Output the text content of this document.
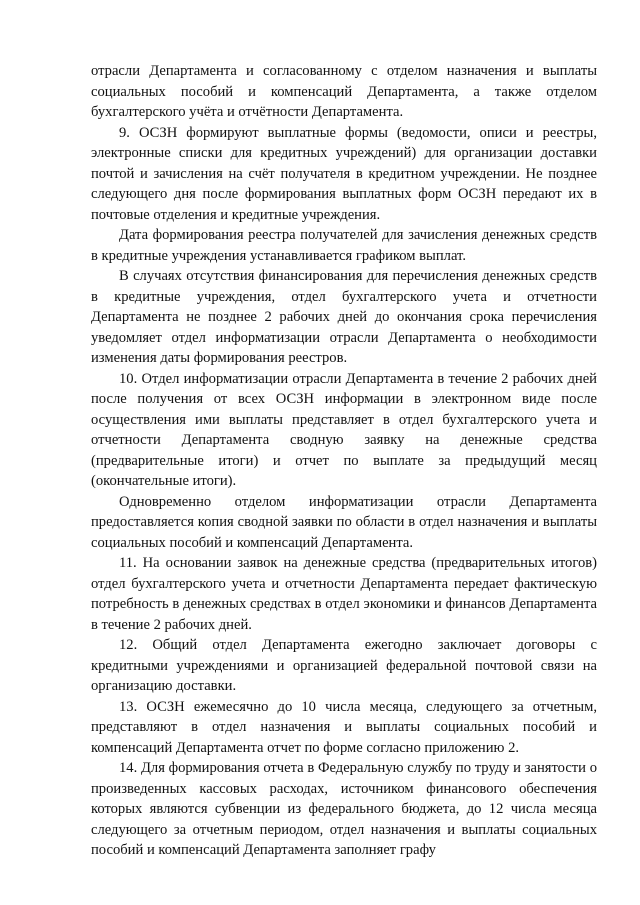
отрасли Департамента и согласованному с отделом назначения и выплаты социальных пособий и компенсаций Департамента, а также отделом бухгалтерского учёта и отчётности Департамента.

9. ОСЗН формируют выплатные формы (ведомости, описи и реестры, электронные списки для кредитных учреждений) для организации доставки почтой и зачисления на счёт получателя в кредитном учреждении. Не позднее следующего дня после формирования выплатных форм ОСЗН передают их в почтовые отделения и кредитные учреждения.

Дата формирования реестра получателей для зачисления денежных средств в кредитные учреждения устанавливается графиком выплат.

В случаях отсутствия финансирования для перечисления денежных средств в кредитные учреждения, отдел бухгалтерского учета и отчетности Департамента не позднее 2 рабочих дней до окончания срока перечисления уведомляет отдел информатизации отрасли Департамента о необходимости изменения даты формирования реестров.

10. Отдел информатизации отрасли Департамента в течение 2 рабочих дней после получения от всех ОСЗН информации в электронном виде после осуществления ими выплаты представляет в отдел бухгалтерского учета и отчетности Департамента сводную заявку на денежные средства (предварительные итоги) и отчет по выплате за предыдущий месяц (окончательные итоги).

Одновременно отделом информатизации отрасли Департамента предоставляется копия сводной заявки по области в отдел назначения и выплаты социальных пособий и компенсаций Департамента.

11. На основании заявок на денежные средства (предварительных итогов) отдел бухгалтерского учета и отчетности Департамента передает фактическую потребность в денежных средствах в отдел экономики и финансов Департамента в течение 2 рабочих дней.

12. Общий отдел Департамента ежегодно заключает договоры с кредитными учреждениями и организацией федеральной почтовой связи на организацию доставки.

13. ОСЗН ежемесячно до 10 числа месяца, следующего за отчетным, представляют в отдел назначения и выплаты социальных пособий и компенсаций Департамента отчет по форме согласно приложению 2.

14. Для формирования отчета в Федеральную службу по труду и занятости о произведенных кассовых расходах, источником финансового обеспечения которых являются субвенции из федерального бюджета, до 12 числа месяца следующего за отчетным периодом, отдел назначения и выплаты социальных пособий и компенсаций Департамента заполняет графу
